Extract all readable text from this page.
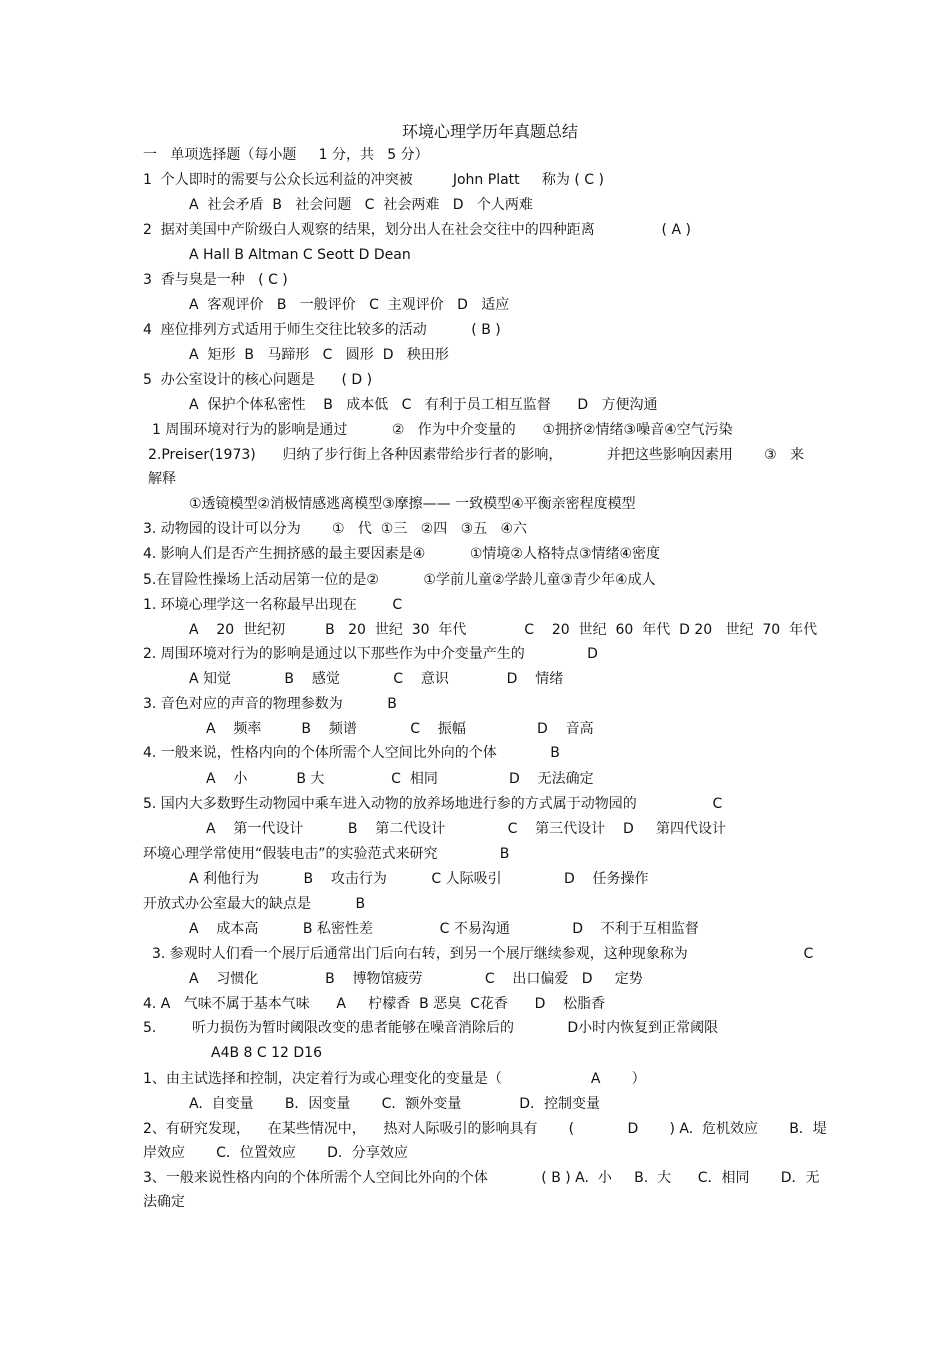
环境心理学历年真题总结
一   单项选择题（每小题     1 分，共   5 分）
1  个人即时的需要与公众长远利益的冲突被         John Platt     称为 ( C )
A  社会矛盾  B   社会问题   C  社会两难   D   个人两难
2  据对美国中产阶级白人观察的结果，划分出人在社会交往中的四种距离               ( A )
A Hall B Altman C Seott D Dean
3  香与臭是一种   ( C )
A  客观评价   B   一般评价   C  主观评价   D   适应
4  座位排列方式适用于师生交往比较多的活动          ( B )
A  矩形  B   马蹄形   C   圆形  D   秧田形
5  办公室设计的核心问题是      ( D )
A  保护个体私密性    B   成本低   C   有利于员工相互监督      D   方便沟通
1 周围环境对行为的影响是通过          ②   作为中介变量的      ①拥挤②情绪③噪音④空气污染
2.Preiser(1973)      归纳了步行街上各种因素带给步行者的影响，          并把这些影响因素用       ③   来
解释
①透镜模型②消极情感逃离模型③摩擦—— 一致模型④平衡亲密程度模型
3. 动物园的设计可以分为       ①   代  ①三   ②四   ③五   ④六
4. 影响人们是否产生拥挤感的最主要因素是④          ①情境②人格特点③情绪④密度
5.在冒险性操场上活动居第一位的是②          ①学前儿童②学龄儿童③青少年④成人
1. 环境心理学这一名称最早出现在        C
A    20  世纪初         B   20  世纪  30  年代             C    20  世纪  60  年代  D 20   世纪  70  年代
2. 周围环境对行为的影响是通过以下那些作为中介变量产生的              D
A 知觉            B    感觉            C    意识             D    情绪
3. 音色对应的声音的物理参数为          B
A    频率         B    频谱            C    振幅                D    音高
4. 一般来说，性格内向的个体所需个人空间比外向的个体            B
A    小           B 大               C  相同                D    无法确定
5. 国内大多数野生动物园中乘车进入动物的放养场地进行参的方式属于动物园的                 C
A    第一代设计          B    第二代设计              C    第三代设计    D     第四代设计
环境心理学常使用“假装电击”的实验范式来研究              B
A 利他行为          B    攻击行为          C 人际吸引              D    任务操作
开放式办公室最大的缺点是          B
A    成本高          B 私密性差               C 不易沟通              D    不利于互相监督
3. 参观时人们看一个展厅后通常出门后向右转，到另一个展厅继续参观，这种现象称为                          C
A    习惯化               B    博物馆疲劳              C    出口偏爱   D     定势
4. A   气味不属于基本气味      A     柠檬香  B 恶臭  C花香      D    松脂香
5.        听力损伤为暂时阈限改变的患者能够在噪音消除后的            D小时内恢复到正常阈限
A4B 8 C 12 D16
1、由主试选择和控制，决定着行为或心理变化的变量是（                    A       ）
A.  自变量       B．因变量       C．额外变量             D．控制变量
2、有研究发现，    在某些情况中，    热对人际吸引的影响具有       (            D       ) A.  危机效应       B．堤
岸效应       C．位置效应       D．分享效应
3、一般来说性格内向的个体所需个人空间比外向的个体            ( B ) A.  小     B.  大      C．相同       D．无
法确定
